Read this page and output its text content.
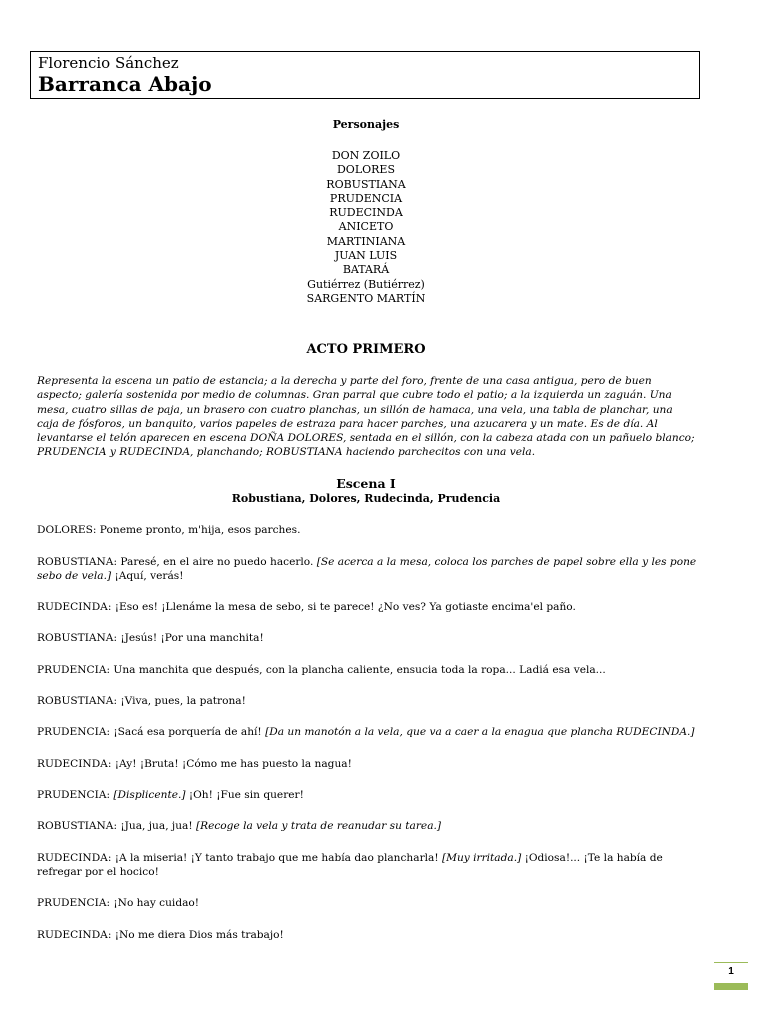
Florencio Sánchez
Barranca Abajo
Personajes
DON ZOILO
DOLORES
ROBUSTIANA
PRUDENCIA
RUDECINDA
ANICETO
MARTINIANA
JUAN LUIS
BATARÁ
Gutiérrez (Butiérrez)
SARGENTO MARTÍN
ACTO PRIMERO
Representa la escena un patio de estancia; a la derecha y parte del foro, frente de una casa antigua, pero de buen aspecto; galería sostenida por medio de columnas. Gran parral que cubre todo el patio; a la izquierda un zaguán. Una mesa, cuatro sillas de paja, un brasero con cuatro planchas, un sillón de hamaca, una vela, una tabla de planchar, una caja de fósforos, un banquito, varios papeles de estraza para hacer parches, una azucarera y un mate. Es de día. Al levantarse el telón aparecen en escena DOÑA DOLORES, sentada en el sillón, con la cabeza atada con un pañuelo blanco; PRUDENCIA y RUDECINDA, planchando; ROBUSTIANA haciendo parchecitos con una vela.
Escena I
Robustiana, Dolores, Rudecinda, Prudencia
DOLORES: Poneme pronto, m'hija, esos parches.
ROBUSTIANA: Paresé, en el aire no puedo hacerlo. [Se acerca a la mesa, coloca los parches de papel sobre ella y les pone sebo de vela.] ¡Aquí, verás!
RUDECINDA: ¡Eso es! ¡Llenáme la mesa de sebo, si te parece! ¿No ves? Ya gotiaste encima'el paño.
ROBUSTIANA: ¡Jesús! ¡Por una manchita!
PRUDENCIA: Una manchita que después, con la plancha caliente, ensucia toda la ropa... Ladiá esa vela...
ROBUSTIANA: ¡Viva, pues, la patrona!
PRUDENCIA: ¡Sacá esa porquería de ahí! [Da un manotón a la vela, que va a caer a la enagua que plancha RUDECINDA.]
RUDECINDA: ¡Ay! ¡Bruta! ¡Cómo me has puesto la nagua!
PRUDENCIA: [Displicente.] ¡Oh! ¡Fue sin querer!
ROBUSTIANA: ¡Jua, jua, jua! [Recoge la vela y trata de reanudar su tarea.]
RUDECINDA: ¡A la miseria! ¡Y tanto trabajo que me había dao plancharla! [Muy irritada.] ¡Odiosa!... ¡Te la había de refregar por el hocico!
PRUDENCIA: ¡No hay cuidao!
RUDECINDA: ¡No me diera Dios más trabajo!
1
